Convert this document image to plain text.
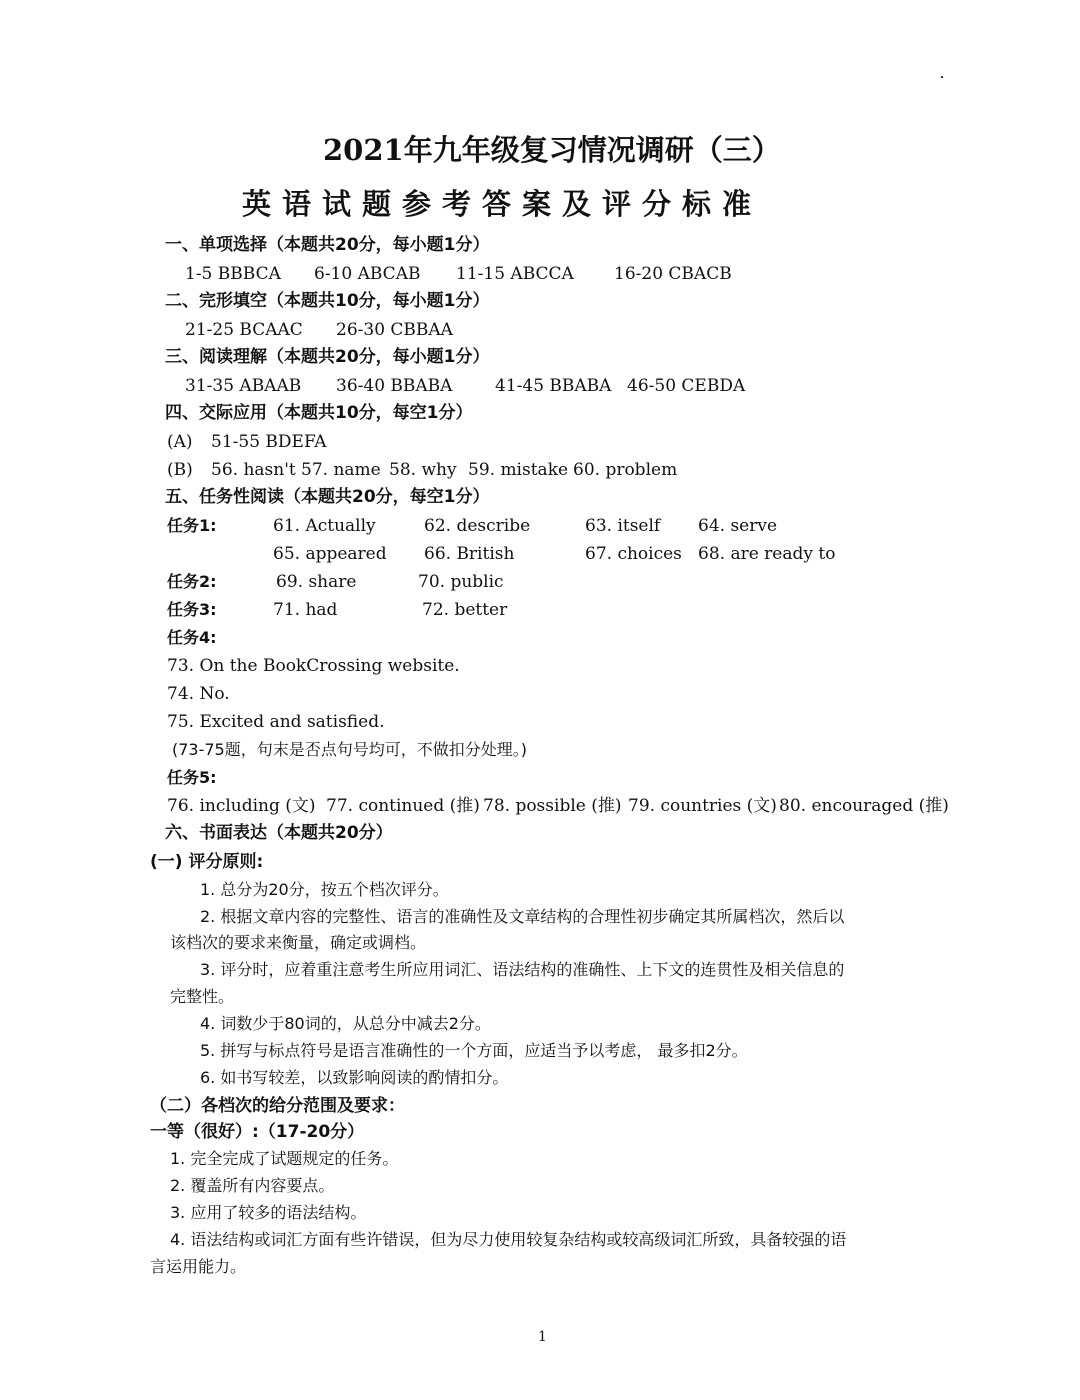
2021年九年级复习情况调研（三）
英语试题参考答案及评分标准
一、单项选择（本题共20分，每小题1分）
1-5 BBBCA 6-10 ABCAB 11-15 ABCCA 16-20 CBACB
二、完形填空（本题共10分，每小题1分）
21-25 BCAAC 26-30 CBBAA
三、阅读理解（本题共20分，每小题1分）
31-35 ABAAB 36-40 BBABA	41-45 BBABA 46-50 CEBDA
四、交际应用（本题共10分，每空1分）
(A) 51-55 BDEFA
(B) 56. hasn't 57. name 58. why 59. mistake 60. problem
五、任务性阅读（本题共20分，每空1分）
任务1:	61. Actually	62. describe	63. itself 64. serve
65. appeared 66. British	67. choices 68. are ready to
任务2:	69. share	70. public
任务3:	71. had	72. better
任务4:
73. On the BookCrossing website.
74. No.
75. Excited and satisfied.
(73-75题，句末是否点句号均可，不做扣分处理。)
任务5:
76. including (文) 77. continued (推) 78. possible (推) 79. countries (文) 80. encouraged (推)
六、书面表达（本题共20分）
(一) 评分原则:
1. 总分为20分，按五个档次评分。
2. 根据文章内容的完整性、语言的准确性及文章结构的合理性初步确定其所属档次，然后以
该档次的要求来衡量，确定或调档。
3. 评分时，应着重注意考生所应用词汇、语法结构的准确性、上下文的连贯性及相关信息的
完整性。
4. 词数少于80词的，从总分中减去2分。
5. 拼写与标点符号是语言准确性的一个方面，应适当予以考虑， 最多扣2分。
6. 如书写较差，以致影响阅读的酌情扣分。
（二）各档次的给分范围及要求：
一等（很好）:（17-20分）
1. 完全完成了试题规定的任务。
2. 覆盖所有内容要点。
3. 应用了较多的语法结构。
4. 语法结构或词汇方面有些许错误，但为尽力使用较复杂结构或较高级词汇所致，具备较强的语
言运用能力。
1
